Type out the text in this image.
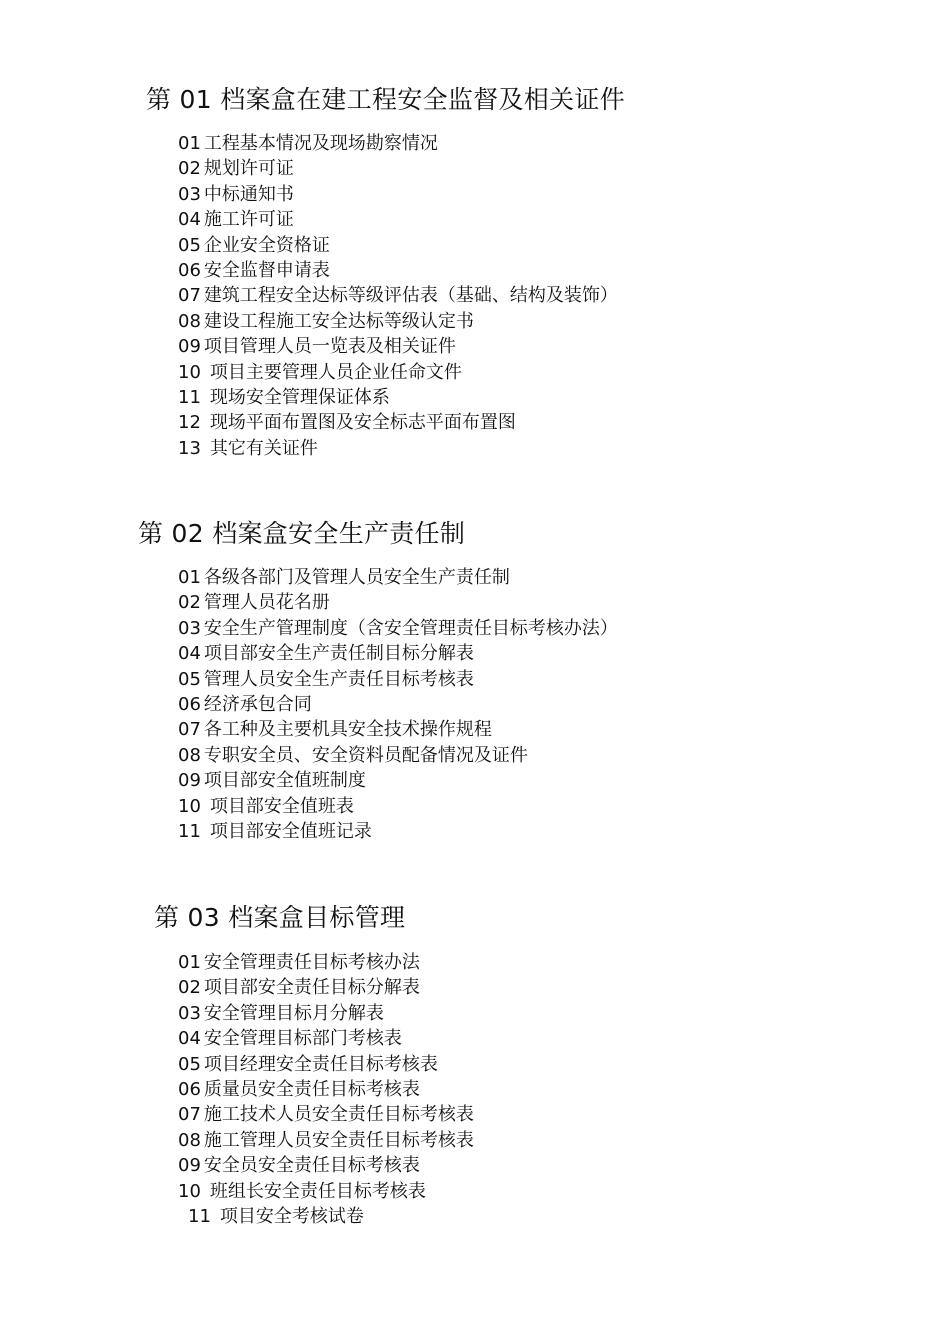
第 01 档案盒在建工程安全监督及相关证件
01 工程基本情况及现场勘察情况
02 规划许可证
03 中标通知书
04 施工许可证
05 企业安全资格证
06 安全监督申请表
07 建筑工程安全达标等级评估表（基础、结构及装饰）
08 建设工程施工安全达标等级认定书
09 项目管理人员一览表及相关证件
10 项目主要管理人员企业任命文件
11 现场安全管理保证体系
12 现场平面布置图及安全标志平面布置图
13 其它有关证件
第 02 档案盒安全生产责任制
01 各级各部门及管理人员安全生产责任制
02 管理人员花名册
03 安全生产管理制度（含安全管理责任目标考核办法）
04 项目部安全生产责任制目标分解表
05 管理人员安全生产责任目标考核表
06 经济承包合同
07 各工种及主要机具安全技术操作规程
08 专职安全员、安全资料员配备情况及证件
09 项目部安全值班制度
10 项目部安全值班表
11 项目部安全值班记录
第 03 档案盒目标管理
01 安全管理责任目标考核办法
02 项目部安全责任目标分解表
03 安全管理目标月分解表
04 安全管理目标部门考核表
05 项目经理安全责任目标考核表
06 质量员安全责任目标考核表
07 施工技术人员安全责任目标考核表
08 施工管理人员安全责任目标考核表
09 安全员安全责任目标考核表
10 班组长安全责任目标考核表
11 项目安全考核试卷
